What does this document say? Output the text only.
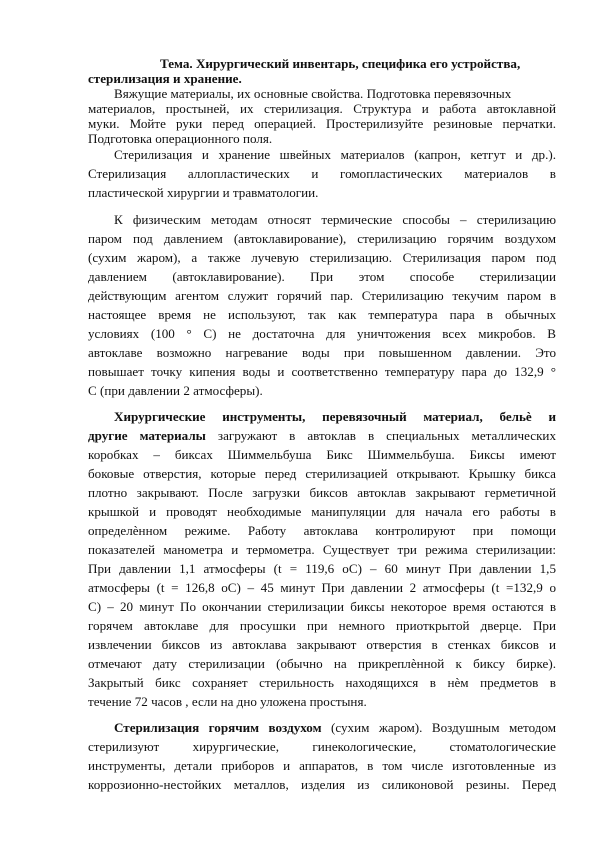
Тема. Хирургический инвентарь, специфика его устройства,
стерилизация и хранение.
Вяжущие материалы, их основные свойства. Подготовка перевязочных
материалов, простыней, их стерилизация. Структура и работа автоклавной
муки. Мойте руки перед операцией. Простерилизуйте резиновые перчатки.
Подготовка операционного поля.
Стерилизация и хранение швейных материалов (капрон, кетгут и др.).
Стерилизация аллопластических и гомопластических материалов в
пластической хирургии и травматологии.
К физическим методам относят термические способы – стерилизацию
паром под давлением (автоклавирование), стерилизацию горячим воздухом
(сухим жаром), а также лучевую стерилизацию. Стерилизация паром под
давлением (автоклавирование). При этом способе стерилизации
действующим агентом служит горячий пар. Стерилизацию текучим паром в
настоящее время не используют, так как температура пара в обычных
условиях (100 ° С) не достаточна для уничтожения всех микробов. В
автоклаве возможно нагревание воды при повышенном давлении. Это
повышает точку кипения воды и соответственно температуру пара до 132,9 °
С (при давлении 2 атмосферы).
Хирургические инструменты, перевязочный материал, бельѐ и
другие материалы загружают в автоклав в специальных металлических
коробках – биксах Шиммельбуша Бикс Шиммельбуша. Биксы имеют
боковые отверстия, которые перед стерилизацией открывают. Крышку бикса
плотно закрывают. После загрузки биксов автоклав закрывают герметичной
крышкой и проводят необходимые манипуляции для начала его работы в
определѐнном режиме. Работу автоклава контролируют при помощи
показателей манометра и термометра. Существует три режима стерилизации:
При давлении 1,1 атмосферы (t = 119,6 оС) – 60 минут При давлении 1,5
атмосферы (t = 126,8 оС) – 45 минут При давлении 2 атмосферы (t =132,9 о
С) – 20 минут По окончании стерилизации биксы некоторое время остаются в
горячем автоклаве для просушки при немного приоткрытой дверце. При
извлечении биксов из автоклава закрывают отверстия в стенках биксов и
отмечают дату стерилизации (обычно на прикреплѐнной к биксу бирке).
Закрытый бикс сохраняет стерильность находящихся в нѐм предметов в
течение 72 часов , если на дно уложена простыня.
Стерилизация горячим воздухом (сухим жаром). Воздушным методом
стерилизуют хирургические, гинекологические, стоматологические
инструменты, детали приборов и аппаратов, в том числе изготовленные из
коррозионно-нестойких металлов, изделия из силиконовой резины. Перед
